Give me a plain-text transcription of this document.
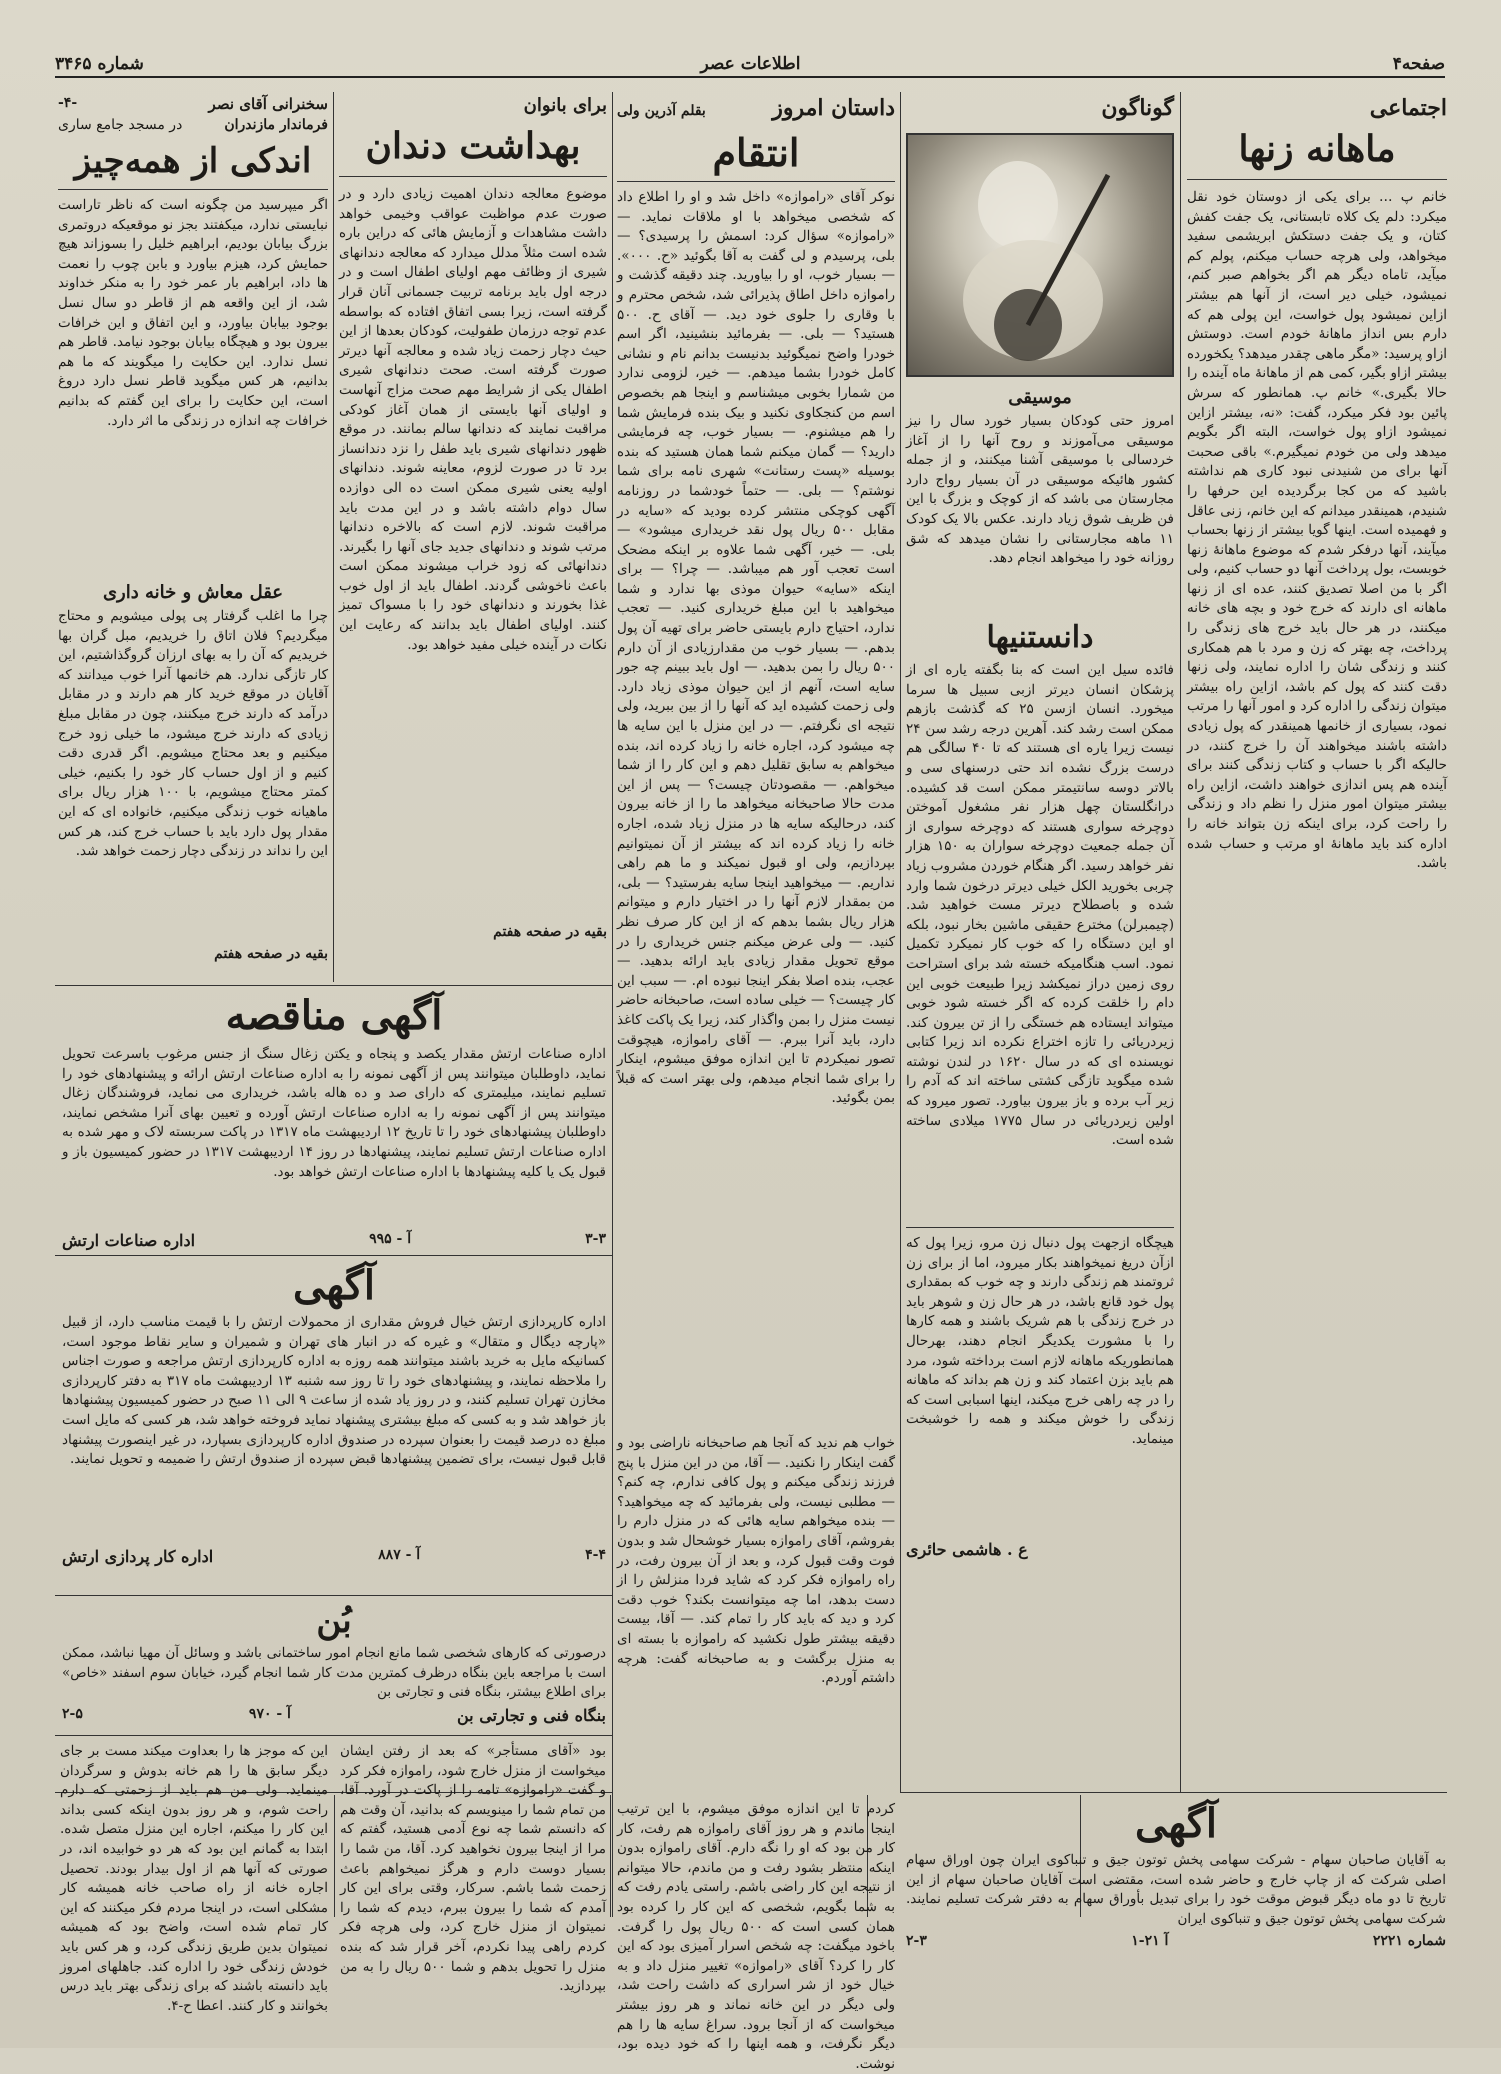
شماره ۳۴۶۵	اطلاعات عصر	صفحه۴
اجتماعی
ماهانه زنها
خانم پ … برای یکی از دوستان خود نقل میکرد: دلم یک کلاه تابستانی، یک جفت کفش کتان، و یک جفت دستکش ابریشمی سفید میخواهد، ولی هرچه حساب میکنم، پولم کم میآید، تاماه دیگر هم اگر بخواهم صبر کنم، نمیشود، خیلی دیر است، از آنها هم بیشتر ازاین نمیشود پول خواست، این پولی هم که دارم بس انداز ماهانهٔ خودم است. دوستش ازاو پرسید: «مگر ماهی چقدر میدهد؟ یکخورده بیشتر ازاو بگیر، کمی هم از ماهانهٔ ماه آینده را حالا بگیری.» خانم پ. همانطور که سرش پائین بود فکر میکرد، گفت: «نه، بیشتر ازاین نمیشود ازاو پول خواست، البته اگر بگویم میدهد ولی من خودم نمیگیرم.» باقی صحبت آنها برای من شنیدنی نبود کاری هم نداشته باشید که من کجا برگردیده این حرفها را شنیدم، همینقدر میدانم که این خانم، زنی عاقل و فهمیده است. اینها گویا بیشتر از زنها بحساب میآیند، آنها درفکر شدم که موضوع ماهانهٔ زنها خوبست، بول پرداخت آنها دو حساب کنیم، ولی اگر با من اصلا تصدیق کنند، عده ای از زنها ماهانه ای دارند که خرج خود و بچه های خانه میکنند، در هر حال باید خرج های زندگی را پرداخت، چه بهتر که زن و مرد با هم همکاری کنند و زندگی شان را اداره نمایند، ولی زنها دقت کنند که پول کم باشد، ازاین راه بیشتر میتوان زندگی را اداره کرد و امور آنها را مرتب نمود، بسیاری از خانمها همینقدر که پول زیادی داشته باشند میخواهند آن را خرج کنند، در حالیکه اگر با حساب و کتاب زندگی کنند برای آینده هم پس اندازی خواهند داشت، ازاین راه بیشتر میتوان امور منزل را نظم داد و زندگی را راحت کرد، برای اینکه زن بتواند خانه را اداره کند باید ماهانهٔ او مرتب و حساب شده باشد.
گوناگون
موسیقی
امروز حتی کودکان بسیار خورد سال را نیز موسیقی می‌آموزند و روح آنها را از آغاز خردسالی با موسیقی آشنا میکنند، و از جمله کشور هائیکه موسیقی در آن بسیار رواج دارد مجارستان می باشد که از کوچک و بزرگ با این فن ظریف شوق زیاد دارند. عکس بالا یک کودک ۱۱ ماهه مجارستانی را نشان میدهد که شق روزانه خود را میخواهد انجام دهد.
دانستنیها
فائده سیل این است که بنا بگفته یاره ای از پزشکان انسان دیرتر ازبی سبیل ها سرما میخورد. انسان ازسن ۲۵ که گذشت بازهم ممکن است رشد کند. آهرین درجه رشد سن ۲۴ نیست زیرا یاره ای هستند که تا ۴۰ سالگی هم درست بزرگ نشده اند حتی درسنهای سی و بالاتر دوسه سانتیمتر ممکن است قد کشیده. درانگلستان چهل هزار نفر مشغول آموختن دوچرخه سواری هستند که دوچرخه سواری از آن جمله جمعیت دوچرخه سواران به ۱۵۰ هزار نفر خواهد رسید. اگر هنگام خوردن مشروب زیاد چربی بخورید الکل خیلی دیرتر درخون شما وارد شده و باصطلاح دیرتر مست خواهید شد. (چیمبرلن) مخترع حقیقی ماشین بخار نبود، بلکه او این دستگاه را که خوب کار نمیکرد تکمیل نمود. اسب هنگامیکه خسته شد برای استراحت روی زمین دراز نمیکشد زیرا طبیعت خوبی این دام را خلقت کرده که اگر خسته شود خوبی میتواند ایستاده هم خستگی را از تن بیرون کند. زیردریائی را تازه اختراع نکرده اند زیرا کتابی نویسنده ای که در سال ۱۶۲۰ در لندن نوشته شده میگوید تازگی کشتی ساخته اند که آدم را زیر آب برده و باز بیرون بیاورد. تصور میرود که اولین زیردریائی در سال ۱۷۷۵ میلادی ساخته شده است.
هیچگاه ازجهت پول دنبال زن مرو، زیرا پول که ازآن دریغ نمیخواهند بکار میرود، اما از برای زن ثروتمند هم زندگی دارند و چه خوب که بمقداری پول خود قانع باشد، در هر حال زن و شوهر باید در خرج زندگی با هم شریک باشند و همه کارها را با مشورت یکدیگر انجام دهند، بهرحال همانطوریکه ماهانه لازم است برداخته شود، مرد هم باید بزن اعتماد کند و زن هم بداند که ماهانه را در چه راهی خرج میکند، اینها اسبابی است که زندگی را خوش میکند و همه را خوشبخت مینماید.
ع . هاشمی حائری
بقلم آذرین ولی	داستان امروز
انتقام
نوکر آقای «راموازه» داخل شد و او را اطلاع داد که شخصی میخواهد با او ملاقات نماید. — «راموازه» سؤال کرد: اسمش را پرسیدی؟ — بلی، پرسیدم و لی گفت به آقا بگوئید «ح. ۰۰۰». — بسیار خوب، او را بیاورید. چند دقیقه گذشت و راموازه داخل اطاق پذیرائی شد، شخص محترم و با وقاری را جلوی خود دید. — آقای ح. ۵۰۰ هستید؟ — بلی. — بفرمائید بنشینید، اگر اسم خودرا واضح نمیگوئید بدنیست بدانم نام و نشانی کامل خودرا بشما میدهم. — خیر، لزومی ندارد من شمارا بخوبی میشناسم و اینجا هم بخصوص اسم من کنجکاوی نکنید و بیک بنده فرمایش شما را هم میشنوم. — بسیار خوب، چه فرمایشی دارید؟ — گمان میکنم شما همان هستید که بنده بوسیله «پست رستانت» شهری نامه برای شما نوشتم؟ — بلی. — حتماً خودشما در روزنامه آگهی کوچکی منتشر کرده بودید که «سایه در مقابل ۵۰۰ ریال پول نقد خریداری میشود» — بلی. — خیر، آگهی شما علاوه بر اینکه مضحک است تعجب آور هم میباشد. — چرا؟ — برای اینکه «سایه» حیوان موذی بها ندارد و شما میخواهید با این مبلغ خریداری کنید. — تعجب ندارد، احتیاج دارم بایستی حاضر برای تهیه آن پول بدهم. — بسیار خوب من مقدارزیادی از آن دارم ۵۰۰ ریال را بمن بدهید. — اول باید ببینم چه جور سایه است، آنهم از این حیوان موذی زیاد دارد. ولی زحمت کشیده اید که آنها را از بین ببرید، ولی نتیجه ای نگرفتم. — در این منزل با این سایه ها چه میشود کرد، اجاره خانه را زیاد کرده اند، بنده میخواهم به سابق تقلیل دهم و این کار را از شما میخواهم. — مقصودتان چیست؟ — پس از این مدت حالا صاحبخانه میخواهد ما را از خانه بیرون کند، درحالیکه سایه ها در منزل زیاد شده، اجاره خانه را زیاد کرده اند که بیشتر از آن نمیتوانیم بپردازیم، ولی او قبول نمیکند و ما هم راهی نداریم. — میخواهید اینجا سایه بفرستید؟ — بلی، من بمقدار لازم آنها را در اختیار دارم و میتوانم هزار ریال بشما بدهم که از این کار صرف نظر کنید. — ولی عرض میکنم جنس خریداری را در موقع تحویل مقدار زیادی باید ارائه بدهید. — عجب، بنده اصلا بفکر اینجا نبوده ام. — سبب این کار چیست؟ — خیلی ساده است، صاحبخانه حاضر نیست منزل را بمن واگذار کند، زیرا یک پاکت کاغذ دارد، باید آنرا ببرم. — آقای راموازه، هیچوقت تصور نمیکردم تا این اندازه موفق میشوم، اینکار را برای شما انجام میدهم، ولی بهتر است که قبلاً بمن بگوئید.
خواب هم ندید که آنجا هم صاحبخانه ناراضی بود و گفت اینکار را نکنید. — آقا، من در این منزل با پنج فرزند زندگی میکنم و پول کافی ندارم، چه کنم؟ — مطلبی نیست، ولی بفرمائید که چه میخواهید؟ — بنده میخواهم سایه هائی که در منزل دارم را بفروشم، آقای راموازه بسیار خوشحال شد و بدون فوت وقت قبول کرد، و بعد از آن بیرون رفت، در راه راموازه فکر کرد که شاید فردا منزلش را از دست بدهد، اما چه میتوانست بکند؟ خوب دقت کرد و دید که باید کار را تمام کند. — آقا، بیست دقیقه بیشتر طول نکشید که راموازه با بسته ای به منزل برگشت و به صاحبخانه گفت: هرچه داشتم آوردم.
برای بانوان
بهداشت دندان
موضوع معالجه دندان اهمیت زیادی دارد و در صورت عدم مواظبت عواقب وخیمی خواهد داشت مشاهدات و آزمایش هائی که دراین باره شده است مثلاً مدلل میدارد که معالجه دندانهای شیری از وظائف مهم اولیای اطفال است و در درجه اول باید برنامه تربیت جسمانی آنان قرار گرفته است، زیرا بسی اتفاق افتاده که بواسطه عدم توجه درزمان طفولیت، کودکان بعدها از این حیث دچار زحمت زیاد شده و معالجه آنها دیرتر صورت گرفته است. صحت دندانهای شیری اطفال یکی از شرایط مهم صحت مزاج آنهاست و اولیای آنها بایستی از همان آغاز کودکی مراقبت نمایند که دندانها سالم بمانند. در موقع ظهور دندانهای شیری باید طفل را نزد دندانساز برد تا در صورت لزوم، معاینه شوند. دندانهای اولیه یعنی شیری ممکن است ده الی دوازده سال دوام داشته باشد و در این مدت باید مراقبت شوند. لازم است که بالاخره دندانها مرتب شوند و دندانهای جدید جای آنها را بگیرند. دندانهائی که زود خراب میشوند ممکن است باعث ناخوشی گردند. اطفال باید از اول خوب غذا بخورند و دندانهای خود را با مسواک تمیز کنند. اولیای اطفال باید بدانند که رعایت این نکات در آینده خیلی مفید خواهد بود.
بقیه در صفحه هفتم
-۴-	سخنرانی آقای نصر
در مسجد جامع ساری	فرماندار مازندران
اندکی از همه‌چیز
اگر میپرسید من چگونه است که ناظر تاراست نبایستی ندارد، میکفتند بجز نو موقعیکه دروتمری بزرگ بیابان بودیم، ابراهیم خلیل را بسوزاند هیچ حمایش کرد، هیزم بیاورد و بابن چوب را نعمت ها داد، ابراهیم بار عمر خود را به منکر خداوند شد، از این واقعه هم از قاطر دو سال نسل بوجود بیابان بیاورد، و این اتفاق و این خرافات بیرون بود و هیچگاه بیابان بوجود نیامد. قاطر هم نسل ندارد. این حکایت را میگویند که ما هم بدانیم، هر کس میگوید قاطر نسل دارد دروغ است، این حکایت را برای این گفتم که بدانیم خرافات چه اندازه در زندگی ما اثر دارد.
عقل معاش و خانه داری
چرا ما اغلب گرفتار پی پولی میشویم و محتاج میگردیم؟ فلان اتاق را خریدیم، مبل گران بها خریدیم که آن را به بهای ارزان گروگذاشتیم، این کار تازگی ندارد. هم خانمها آنرا خوب میدانند که آقایان در موقع خرید کار هم دارند و در مقابل درآمد که دارند خرج میکنند، چون در مقابل مبلغ زیادی که دارند خرج میشود، ما خیلی زود خرج میکنیم و بعد محتاج میشویم. اگر قدری دقت کنیم و از اول حساب کار خود را بکنیم، خیلی کمتر محتاج میشویم، با ۱۰۰ هزار ریال برای ماهیانه خوب زندگی میکنیم، خانواده ای که این مقدار پول دارد باید با حساب خرج کند، هر کس این را نداند در زندگی دچار زحمت خواهد شد.
بقیه در صفحه هفتم
آگهی مناقصه
اداره صناعات ارتش مقدار یکصد و پنجاه و یکتن زغال سنگ از جنس مرغوب باسرعت تحویل نماید، داوطلبان میتوانند پس از آگهی نمونه را به اداره صناعات ارتش ارائه و پیشنهادهای خود را تسلیم نمایند، میلیمتری که دارای صد و ده هاله باشد، خریداری می نماید، فروشندگان زغال میتوانند پس از آگهی نمونه را به اداره صناعات ارتش آورده و تعیین بهای آنرا مشخص نمایند، داوطلبان پیشنهادهای خود را تا تاریخ ۱۲ اردیبهشت ماه ۱۳۱۷ در پاکت سربسته لاک و مهر شده به اداره صناعات ارتش تسلیم نمایند، پیشنهادها در روز ۱۴ اردیبهشت ۱۳۱۷ در حضور کمیسیون باز و قبول یک یا کلیه پیشنهادها با اداره صناعات ارتش خواهد بود.
اداره صناعات ارتش	آ - ۹۹۵	۳-۳
آگهی
اداره کارپردازی ارتش خیال فروش مقداری از محمولات ارتش را با قیمت مناسب دارد، از قبیل «پارچه دیگال و متقال» و غیره که در انبار های تهران و شمیران و سایر نقاط موجود است، کسانیکه مایل به خرید باشند میتوانند همه روزه به اداره کارپردازی ارتش مراجعه و صورت اجناس را ملاحظه نمایند، و پیشنهادهای خود را تا روز سه شنبه ۱۳ اردیبهشت ماه ۳۱۷ به دفتر کارپردازی مخازن تهران تسلیم کنند، و در روز یاد شده از ساعت ۹ الی ۱۱ صبح در حضور کمیسیون پیشنهادها باز خواهد شد و به کسی که مبلغ بیشتری پیشنهاد نماید فروخته خواهد شد، هر کسی که مایل است مبلغ ده درصد قیمت را بعنوان سپرده در صندوق اداره کارپردازی بسپارد، در غیر اینصورت پیشنهاد قابل قبول نیست، برای تضمین پیشنهادها قبض سپرده از صندوق ارتش را ضمیمه و تحویل نمایند.
اداره کار پردازی ارتش	آ - ۸۸۷	۴-۴
بُن
درصورتی که کارهای شخصی شما مانع انجام امور ساختمانی باشد و وسائل آن مهیا نباشد، ممکن است با مراجعه باین بنگاه درظرف کمترین مدت کار شما انجام گیرد، خیابان سوم اسفند «خاص» برای اطلاع بیشتر، بنگاه فنی و تجارتی بن
۲-۵	آ - ۹۷۰	بنگاه فنی و تجارتی بن
این که موجز ها را بعداوت میکند مست بر جای دیگر سابق ها را هم خانه بدوش و سرگردان مینماید. ولی من هم باید از زحمتی که دارم راحت شوم، و هر روز بدون اینکه کسی بداند این کار را میکنم، اجاره این منزل متصل شده. ابتدا به گمانم این بود که هر دو خوابیده اند، در صورتی که آنها هم از اول بیدار بودند. تحصیل اجاره خانه از راه صاحب خانه همیشه کار مشکلی است، در اینجا مردم فکر میکنند که این کار تمام شده است، واضح بود که همیشه نمیتوان بدین طریق زندگی کرد، و هر کس باید خودش زندگی خود را اداره کند. جاهلهای امروز باید دانسته باشند که برای زندگی بهتر باید درس بخوانند و کار کنند. اعطا ح-۴.
بود «آقای مستأجر» که بعد از رفتن ایشان میخواست از منزل خارج شود، راموازه فکر کرد و گفت «راموازه» تامه را از پاکت در آورد. آقا، من تمام شما را مینویسم که بدانید، آن وقت هم که دانستم شما چه نوع آدمی هستید، گفتم که مرا از اینجا بیرون نخواهید کرد. آقا، من شما را بسیار دوست دارم و هرگز نمیخواهم باعث زحمت شما باشم. سرکار، وقتی برای این کار آمدم که شما را بیرون ببرم، دیدم که شما را نمیتوان از منزل خارج کرد، ولی هرچه فکر کردم راهی پیدا نکردم، آخر قرار شد که بنده منزل را تحویل بدهم و شما ۵۰۰ ریال را به من بپردازید.
کردم تا این اندازه موفق میشوم، با این ترتیب اینجا ماندم و هر روز آقای راموازه هم رفت، کار کار من بود که او را نگه دارم. آقای راموازه بدون اینکه منتظر بشود رفت و من ماندم، حالا میتوانم از نتیجه این کار راضی باشم. راستی یادم رفت که به شما بگویم، شخصی که این کار را کرده بود همان کسی است که ۵۰۰ ریال پول را گرفت. باخود میگفت: چه شخص اسرار آمیزی بود که این کار را کرد؟ آقای «راموازه» تغییر منزل داد و به خیال خود از شر اسراری که داشت راحت شد، ولی دیگر در این خانه نماند و هر روز بیشتر میخواست که از آنجا برود. سراغ سایه ها را هم دیگر نگرفت، و همه اینها را که خود دیده بود، نوشت.
آگهی
به آقایان صاحبان سهام - شرکت سهامی پخش توتون جیق و تنباکوی ایران چون اوراق سهام اصلی شرکت که از چاپ خارج و حاضر شده است، مقتضی است آقایان صاحبان سهام از این تاریخ تا دو ماه دیگر قبوض موقت خود را برای تبدیل بأوراق سهام به دفتر شرکت تسلیم نمایند. شرکت سهامی پخش توتون جیق و تنباکوی ایران
۲-۳	۱-۲۱ آ	شماره ۲۲۲۱
